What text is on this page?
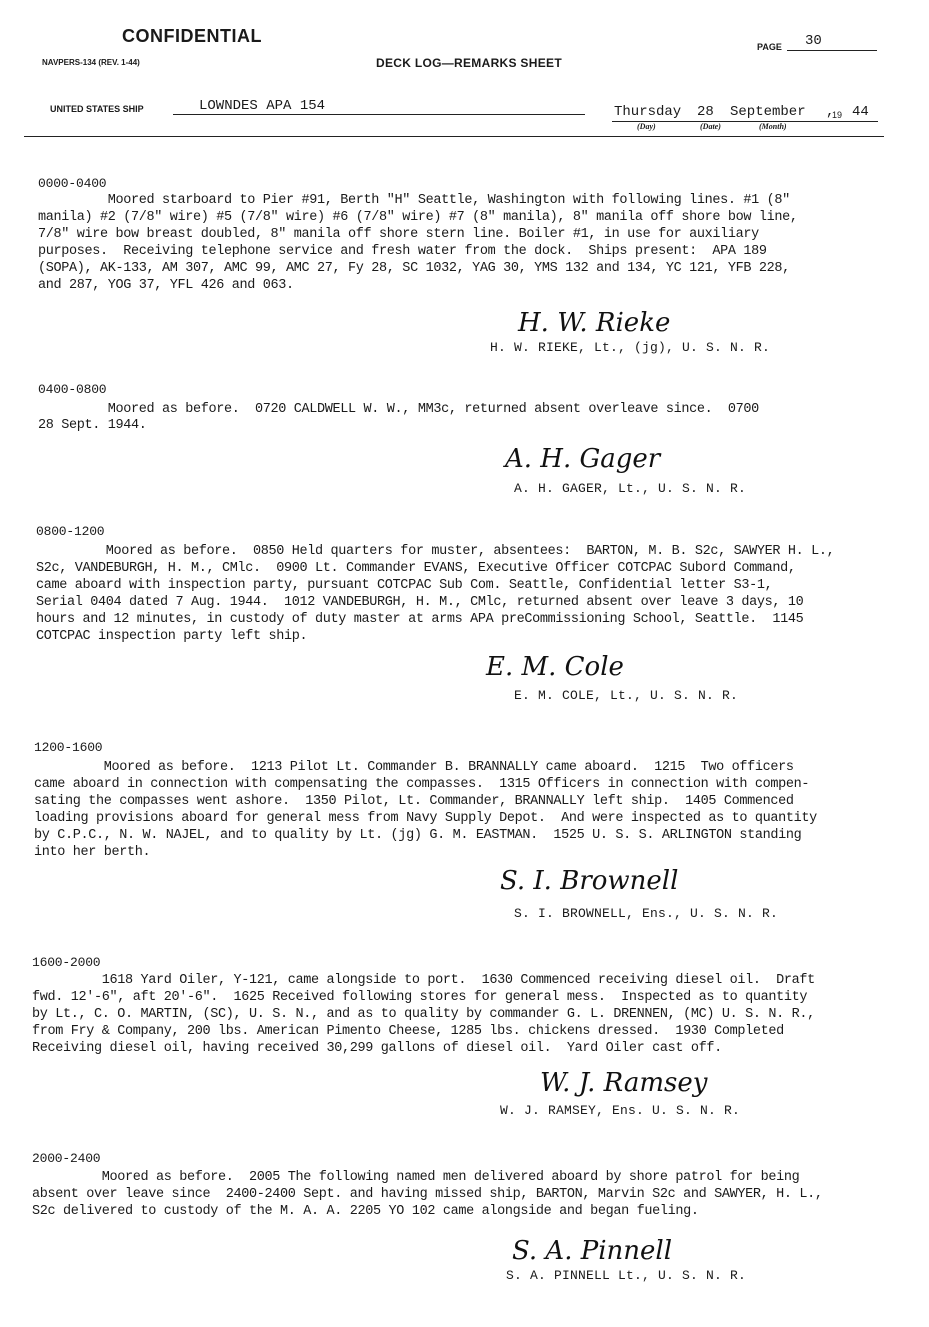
CONFIDENTIAL
NAVPERS-134 (REV. 1-44)	DECK LOG—REMARKS SHEET
PAGE	30
UNITED STATES SHIP	LOWNDES APA 154	Thursday 28 September ,
19 44
(Day)	(Date)	(Month)
0000-0400
Moored starboard to Pier #91, Berth "H" Seattle, Washington with following lines. #1 (8"
manila) #2 (7/8" wire) #5 (7/8" wire) #6 (7/8" wire) #7 (8" manila), 8" manila off shore bow line,
7/8" wire bow breast doubled, 8" manila off shore stern line. Boiler #1, in use for auxiliary
purposes.  Receiving telephone service and fresh water from the dock.  Ships present:  APA 189
(SOPA), AK-133, AM 307, AMC 99, AMC 27, Fy 28, SC 1032, YAG 30, YMS 132 and 134, YC 121, YFB 228,
and 287, YOG 37, YFL 426 and 063.
H. W. Rieke
H. W. RIEKE, Lt., (jg), U. S. N. R.
0400-0800
Moored as before.  0720 CALDWELL W. W., MM3c, returned absent overleave since.  0700
28 Sept. 1944.
A. H. Gager
A. H. GAGER, Lt., U. S. N. R.
0800-1200
Moored as before.  0850 Held quarters for muster, absentees:  BARTON, M. B. S2c, SAWYER H. L.,
S2c, VANDEBURGH, H. M., CMlc.  0900 Lt. Commander EVANS, Executive Officer COTCPAC Subord Command,
came aboard with inspection party, pursuant COTCPAC Sub Com. Seattle, Confidential letter S3-1,
Serial 0404 dated 7 Aug. 1944.  1012 VANDEBURGH, H. M., CMlc, returned absent over leave 3 days, 10
hours and 12 minutes, in custody of duty master at arms APA preCommissioning School, Seattle.  1145
COTCPAC inspection party left ship.
E. M. Cole
E. M. COLE, Lt., U. S. N. R.
1200-1600
Moored as before.  1213 Pilot Lt. Commander B. BRANNALLY came aboard.  1215  Two officers
came aboard in connection with compensating the compasses.  1315 Officers in connection with compen-
sating the compasses went ashore.  1350 Pilot, Lt. Commander, BRANNALLY left ship.  1405 Commenced
loading provisions aboard for general mess from Navy Supply Depot.  And were inspected as to quantity
by C.P.C., N. W. NAJEL, and to quality by Lt. (jg) G. M. EASTMAN.  1525 U. S. S. ARLINGTON standing
into her berth.
S. I. Brownell
S. I. BROWNELL, Ens., U. S. N. R.
1600-2000
1618 Yard Oiler, Y-121, came alongside to port.  1630 Commenced receiving diesel oil.  Draft
fwd. 12'-6", aft 20'-6".  1625 Received following stores for general mess.  Inspected as to quantity
by Lt., C. O. MARTIN, (SC), U. S. N., and as to quality by commander G. L. DRENNEN, (MC) U. S. N. R.,
from Fry & Company, 200 lbs. American Pimento Cheese, 1285 lbs. chickens dressed.  1930 Completed
Receiving diesel oil, having received 30,299 gallons of diesel oil.  Yard Oiler cast off.
W. J. Ramsey
W. J. RAMSEY, Ens. U. S. N. R.
2000-2400
Moored as before.  2005 The following named men delivered aboard by shore patrol for being
absent over leave since  2400-2400 Sept. and having missed ship, BARTON, Marvin S2c and SAWYER, H. L.,
S2c delivered to custody of the M. A. A. 2205 YO 102 came alongside and began fueling.
S. A. Pinnell
S. A. PINNELL Lt., U. S. N. R.
